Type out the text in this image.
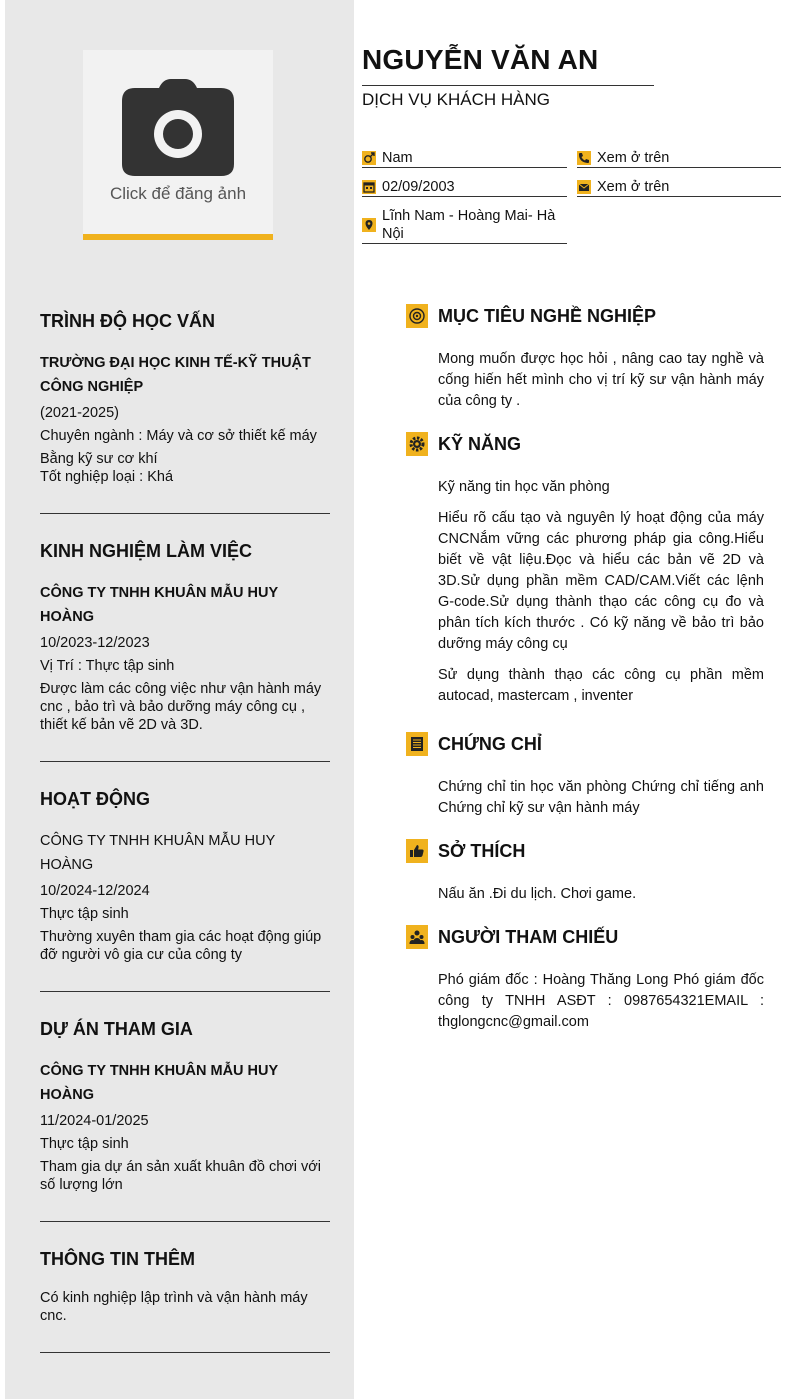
Click để đăng ảnh
NGUYỄN VĂN AN
DỊCH VỤ KHÁCH HÀNG
Nam	Xem ở trên
02/09/2003	Xem ở trên
Lĩnh Nam - Hoàng Mai- Hà Nội
TRÌNH ĐỘ HỌC VẤN
TRƯỜNG ĐẠI HỌC KINH TẾ-KỸ THUẬT CÔNG NGHIỆP
(2021-2025)
Chuyên ngành : Máy và cơ sở thiết kế máy
Bằng kỹ sư cơ khí
Tốt nghiệp loại : Khá
KINH NGHIỆM LÀM VIỆC
CÔNG TY TNHH KHUÂN MẪU HUY HOÀNG
10/2023-12/2023
Vị Trí : Thực tập sinh
Được làm các công việc như vận hành máy cnc , bảo trì và bảo dưỡng máy công cụ , thiết kế bản vẽ 2D và 3D.
HOẠT ĐỘNG
CÔNG TY TNHH KHUÂN MẪU HUY HOÀNG
10/2024-12/2024
Thực tập sinh
Thường xuyên tham gia các hoạt động giúp đỡ người vô gia cư của công ty
DỰ ÁN THAM GIA
CÔNG TY TNHH KHUÂN MẪU HUY HOÀNG
11/2024-01/2025
Thực tập sinh
Tham gia dự án sản xuất khuân đồ chơi với số lượng lớn
THÔNG TIN THÊM
Có kinh nghiệp lập trình và vận hành máy cnc.
MỤC TIÊU NGHỀ NGHIỆP
Mong muốn được học hỏi , nâng cao tay nghề và cống hiến hết mình cho vị trí kỹ sư vận hành máy của công ty .
KỸ NĂNG
Kỹ năng tin học văn phòng
Hiểu rõ cấu tạo và nguyên lý hoạt động của máy CNCNắm vững các phương pháp gia công.Hiểu biết về vật liệu.Đọc và hiểu các bản vẽ 2D và 3D.Sử dụng phần mềm CAD/CAM.Viết các lệnh G-code.Sử dụng thành thạo các công cụ đo và phân tích kích thước . Có kỹ năng về bảo trì bảo dưỡng máy công cụ
Sử dụng thành thạo các công cụ phần mềm autocad, mastercam , inventer
CHỨNG CHỈ
Chứng chỉ tin học văn phòng Chứng chỉ tiếng anh Chứng chỉ kỹ sư vận hành máy
SỞ THÍCH
Nấu ăn .Đi du lịch. Chơi game.
NGƯỜI THAM CHIẾU
Phó giám đốc : Hoàng Thăng Long Phó giám đốc công ty TNHH ASĐT : 0987654321EMAIL : thglongcnc@gmail.com
